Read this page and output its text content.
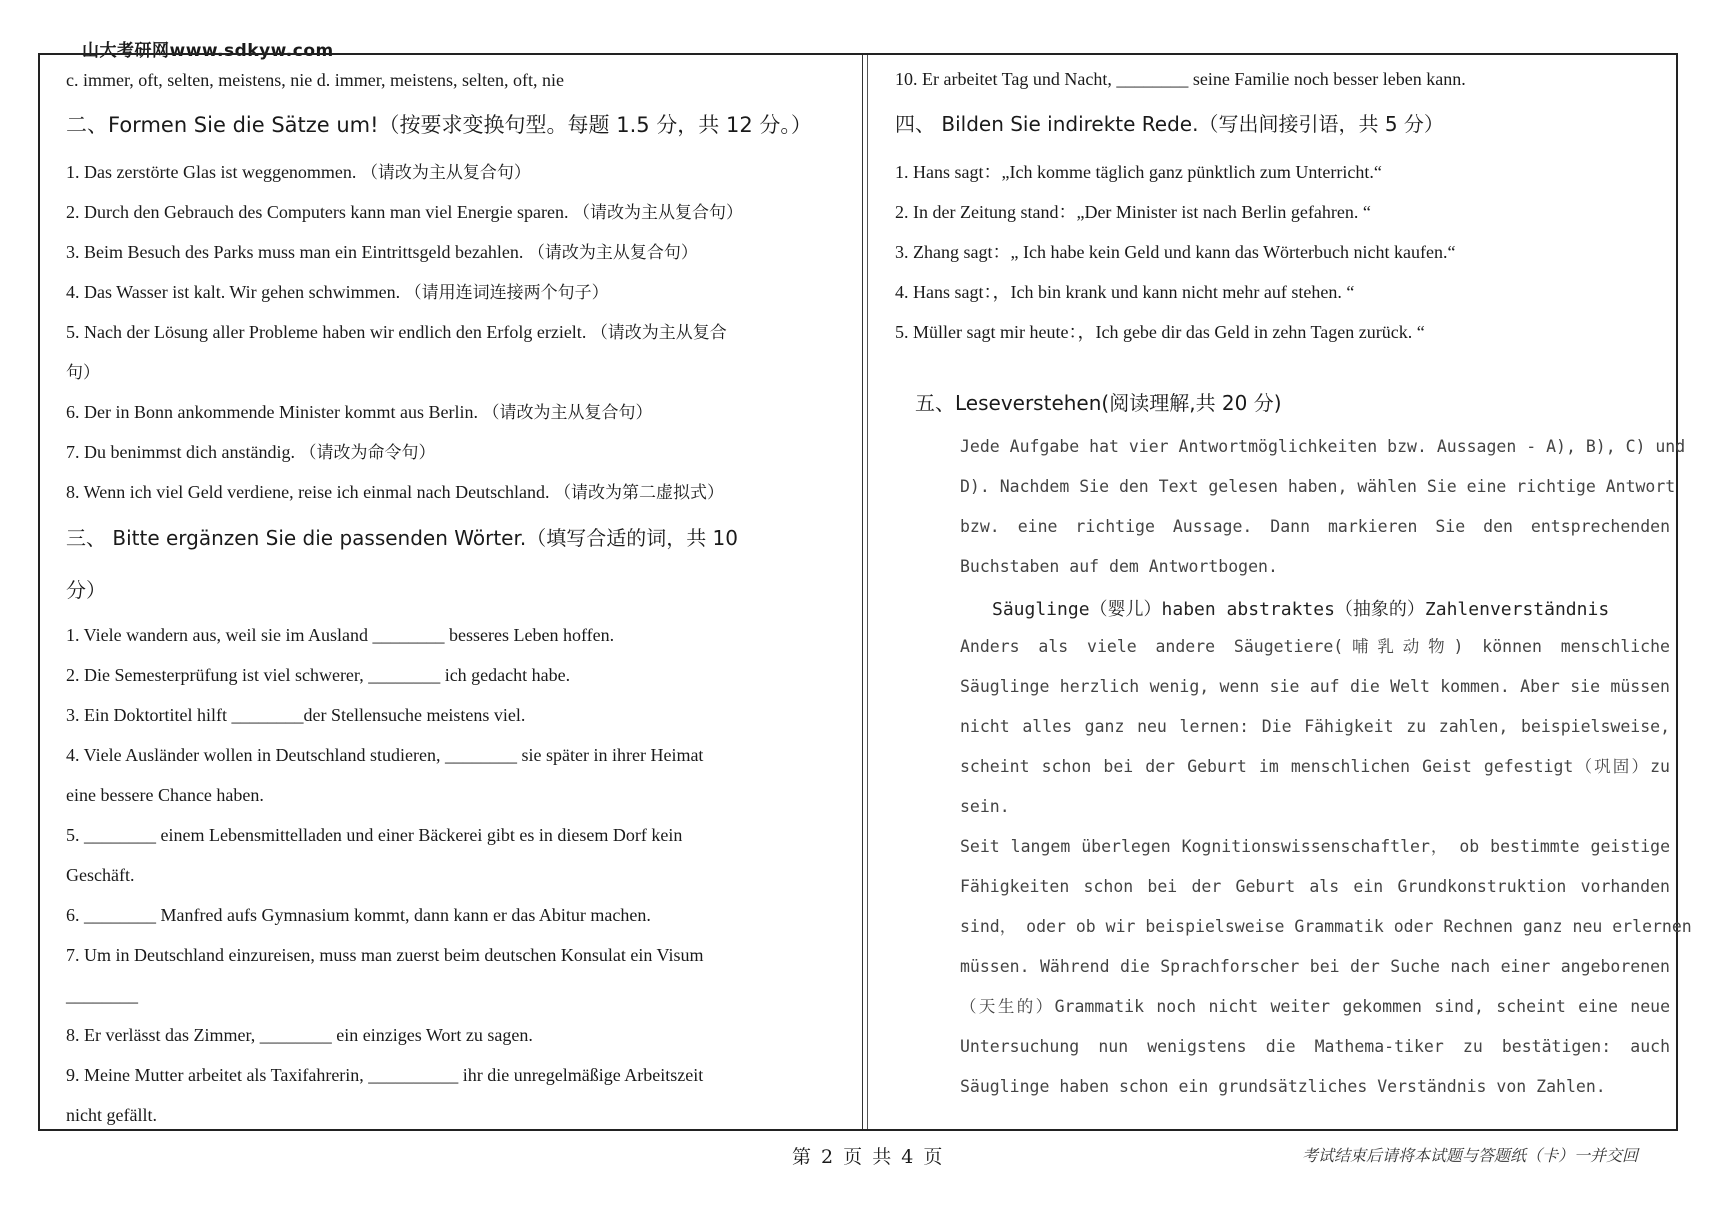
山大考研网www.sdkyw.com
c. immer, oft, selten, meistens, nie d. immer, meistens, selten, oft, nie
二、Formen Sie die Sätze um!（按要求变换句型。每题 1.5 分，共 12 分。）
1. Das zerstörte Glas ist weggenommen. （请改为主从复合句）
2. Durch den Gebrauch des Computers kann man viel Energie sparen. （请改为主从复合句）
3. Beim Besuch des Parks muss man ein Eintrittsgeld bezahlen. （请改为主从复合句）
4. Das Wasser ist kalt. Wir gehen schwimmen. （请用连词连接两个句子）
5. Nach der Lösung aller Probleme haben wir endlich den Erfolg erzielt. （请改为主从复合
句）
6. Der in Bonn ankommende Minister kommt aus Berlin. （请改为主从复合句）
7. Du benimmst dich anständig. （请改为命令句）
8. Wenn ich viel Geld verdiene, reise ich einmal nach Deutschland. （请改为第二虚拟式）
三、 Bitte ergänzen Sie die passenden Wörter.（填写合适的词，共 10
分）
1. Viele wandern aus, weil sie im Ausland ________ besseres Leben hoffen.
2. Die Semesterprüfung ist viel schwerer, ________ ich gedacht habe.
3. Ein Doktortitel hilft ________der Stellensuche meistens viel.
4. Viele Ausländer wollen in Deutschland studieren, ________ sie später in ihrer Heimat
eine bessere Chance haben.
5. ________ einem Lebensmittelladen und einer Bäckerei gibt es in diesem Dorf kein
Geschäft.
6. ________ Manfred aufs Gymnasium kommt, dann kann er das Abitur machen.
7. Um in Deutschland einzureisen, muss man zuerst beim deutschen Konsulat ein Visum
________
8. Er verlässt das Zimmer, ________ ein einziges Wort zu sagen.
9. Meine Mutter arbeitet als Taxifahrerin, __________ ihr die unregelmäßige Arbeitszeit
nicht gefällt.
10. Er arbeitet Tag und Nacht, ________ seine Familie noch besser leben kann.
四、 Bilden Sie indirekte Rede.（写出间接引语，共 5 分）
1. Hans sagt：„Ich komme täglich ganz pünktlich zum Unterricht.“
2. In der Zeitung stand：„Der Minister ist nach Berlin gefahren. “
3. Zhang sagt：„ Ich habe kein Geld und kann das Wörterbuch nicht kaufen.“
4. Hans sagt：，Ich bin krank und kann nicht mehr auf stehen. “
5. Müller sagt mir heute：，Ich gebe dir das Geld in zehn Tagen zurück. “
五、Leseverstehen(阅读理解,共 20 分)
Jede Aufgabe hat vier Antwortmöglichkeiten bzw. Aussagen - A), B), C) und
D). Nachdem Sie den Text gelesen haben, wählen Sie eine richtige Antwort
bzw. eine richtige Aussage. Dann markieren Sie den entsprechenden
Buchstaben auf dem Antwortbogen.
Säuglinge（婴儿）haben abstraktes（抽象的）Zahlenverständnis
Anders als viele andere Säugetiere(哺乳动物) können menschliche
Säuglinge herzlich wenig, wenn sie auf die Welt kommen. Aber sie müssen
nicht alles ganz neu lernen: Die Fähigkeit zu zahlen, beispielsweise,
scheint schon bei der Geburt im menschlichen Geist gefestigt（巩固）zu
sein.
Seit langem überlegen Kognitionswissenschaftler， ob bestimmte geistige
Fähigkeiten schon bei der Geburt als ein Grundkonstruktion vorhanden
sind， oder ob wir beispielsweise Grammatik oder Rechnen ganz neu erlernen
müssen. Während die Sprachforscher bei der Suche nach einer angeborenen
（天生的）Grammatik noch nicht weiter gekommen sind, scheint eine neue
Untersuchung nun wenigstens die Mathema-tiker zu bestätigen: auch
Säuglinge haben schon ein grundsätzliches Verständnis von Zahlen.
第 2 页 共 4 页	考试结束后请将本试题与答题纸（卡）一并交回
